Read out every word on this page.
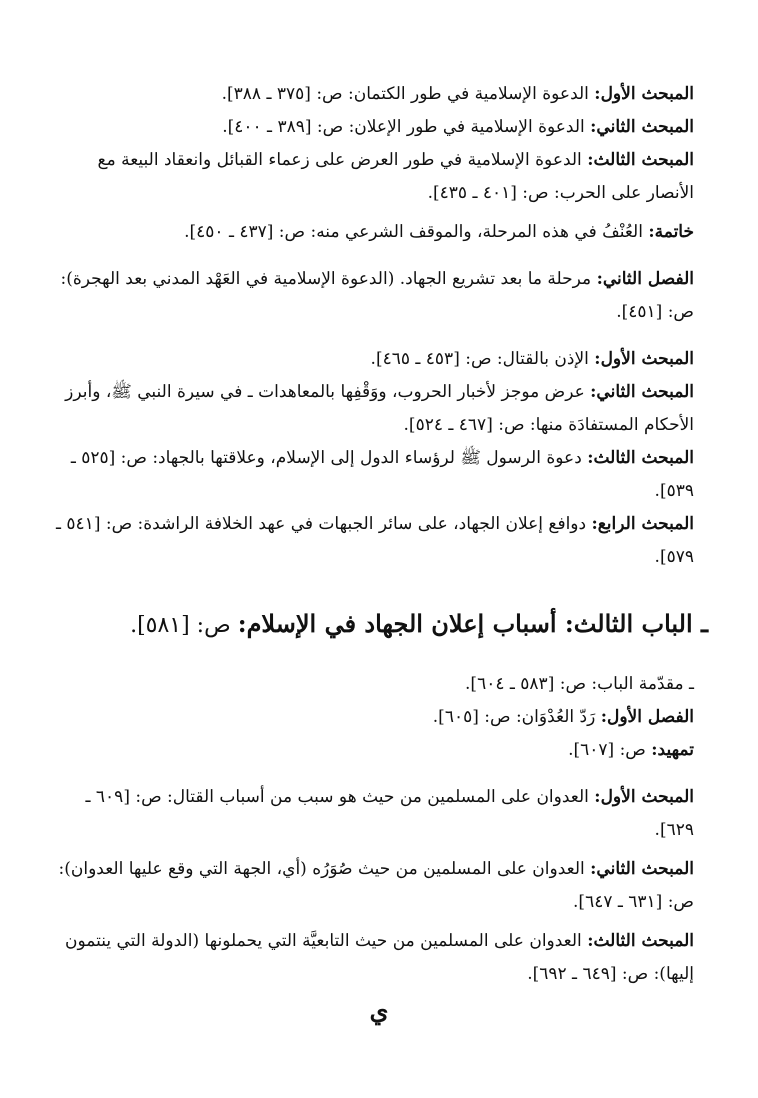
المبحث الأول: الدعوة الإسلامية في طور الكتمان: ص: [٣٧٥ ـ ٣٨٨].

المبحث الثاني: الدعوة الإسلامية في طور الإعلان: ص: [٣٨٩ ـ ٤٠٠].

المبحث الثالث: الدعوة الإسلامية في طور العرض على زعماء القبائل وانعقاد البيعة مع الأنصار على الحرب: ص: [٤٠١ ـ ٤٣٥].

خاتمة: العُنْفُ في هذه المرحلة، والموقف الشرعي منه: ص: [٤٣٧ ـ ٤٥٠].

الفصل الثاني: مرحلة ما بعد تشريع الجهاد. (الدعوة الإسلامية في العَهْد المدني بعد الهجرة): ص: [٤٥١].

المبحث الأول: الإذن بالقتال: ص: [٤٥٣ ـ ٤٦٥].

المبحث الثاني: عرض موجز لأخبار الحروب، ووَقْفِها بالمعاهدات ـ في سيرة النبي ﷺ، وأبرز الأحكام المستفادَة منها: ص: [٤٦٧ ـ ٥٢٤].

المبحث الثالث: دعوة الرسول ﷺ لرؤساء الدول إلى الإسلام، وعلاقتها بالجهاد: ص: [٥٢٥ ـ ٥٣٩].

المبحث الرابع: دوافع إعلان الجهاد، على سائر الجبهات في عهد الخلافة الراشدة: ص: [٥٤١ ـ ٥٧٩].

ـ الباب الثالث: أسباب إعلان الجهاد في الإسلام: ص: [٥٨١].

ـ مقدّمة الباب: ص: [٥٨٣ ـ ٦٠٤].

الفصل الأول: رَدّ العُدْوَان: ص: [٦٠٥].

تمهيد: ص: [٦٠٧].

المبحث الأول: العدوان على المسلمين من حيث هو سبب من أسباب القتال: ص: [٦٠٩ ـ ٦٢٩].

المبحث الثاني: العدوان على المسلمين من حيث صُوَرُه (أي، الجهة التي وقع عليها العدوان): ص: [٦٣١ ـ ٦٤٧].

المبحث الثالث: العدوان على المسلمين من حيث التابعيَّة التي يحملونها (الدولة التي ينتمون إليها): ص: [٦٤٩ ـ ٦٩٢].

ي
